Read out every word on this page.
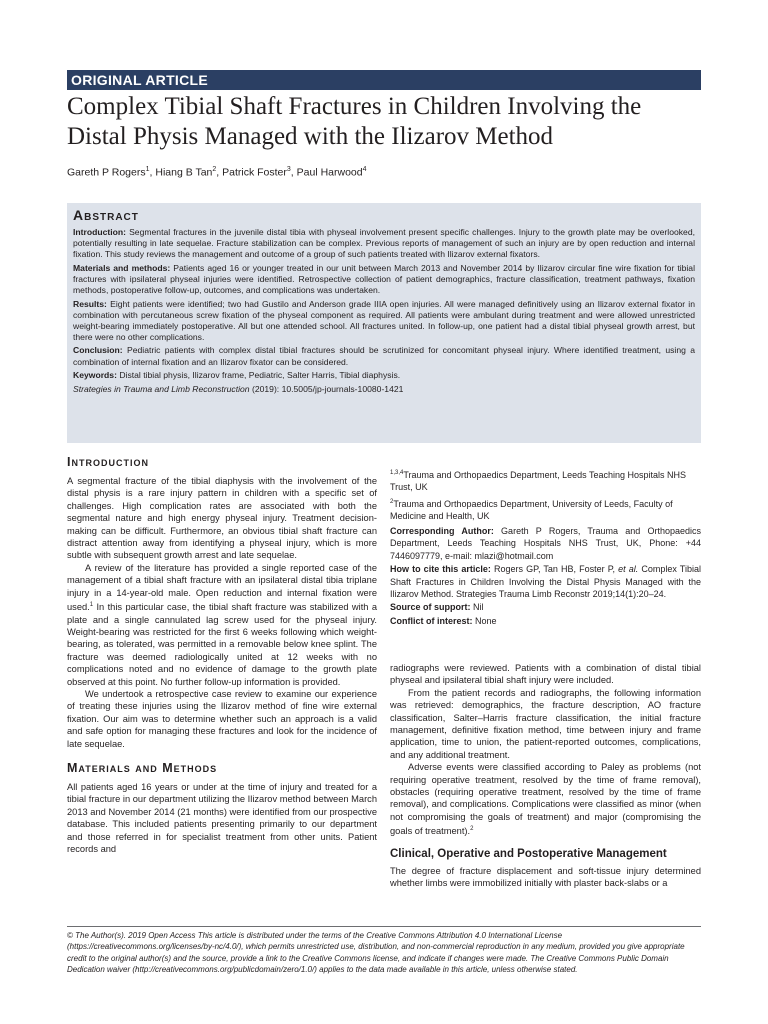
ORIGINAL ARTICLE
Complex Tibial Shaft Fractures in Children Involving the Distal Physis Managed with the Ilizarov Method
Gareth P Rogers$^1$, Hiang B Tan$^2$, Patrick Foster$^3$, Paul Harwood$^4$
Abstract

Introduction: Segmental fractures in the juvenile distal tibia with physeal involvement present specific challenges. Injury to the growth plate may be overlooked, potentially resulting in late sequelae. Fracture stabilization can be complex. Previous reports of management of such an injury are by open reduction and internal fixation. This study reviews the management and outcome of a group of such patients treated with Ilizarov external fixators.

Materials and methods: Patients aged 16 or younger treated in our unit between March 2013 and November 2014 by Ilizarov circular fine wire fixation for tibial fractures with ipsilateral physeal injuries were identified. Retrospective collection of patient demographics, fracture classification, treatment pathways, fixation methods, postoperative follow-up, outcomes, and complications was undertaken.

Results: Eight patients were identified; two had Gustilo and Anderson grade IIIA open injuries. All were managed definitively using an Ilizarov external fixator in combination with percutaneous screw fixation of the physeal component as required. All patients were ambulant during treatment and were allowed unrestricted weight-bearing immediately postoperative. All but one attended school. All fractures united. In follow-up, one patient had a distal tibial physeal growth arrest, but there were no other complications.

Conclusion: Pediatric patients with complex distal tibial fractures should be scrutinized for concomitant physeal injury. Where identified treatment, using a combination of internal fixation and an Ilizarov fixator can be considered.

Keywords: Distal tibial physis, Ilizarov frame, Pediatric, Salter Harris, Tibial diaphysis.

Strategies in Trauma and Limb Reconstruction (2019): 10.5005/jp-journals-10080-1421

Introduction

A segmental fracture of the tibial diaphysis with the involvement of the distal physis is a rare injury pattern in children with a specific set of challenges. High complication rates are associated with both the segmental nature and high energy physeal injury. Treatment decision-making can be difficult. Furthermore, an obvious tibial shaft fracture can distract attention away from identifying a physeal injury, which is more subtle with subsequent growth arrest and late sequelae.

A review of the literature has provided a single reported case of the management of a tibial shaft fracture with an ipsilateral distal tibia triplane injury in a 14-year-old male. Open reduction and internal fixation were used.$^1$ In this particular case, the tibial shaft fracture was stabilized with a plate and a single cannulated lag screw used for the physeal injury. Weight-bearing was restricted for the first 6 weeks following which weight-bearing, as tolerated, was permitted in a removable below knee splint. The fracture was deemed radiologically united at 12 weeks with no complications noted and no evidence of damage to the growth plate observed at this point. No further follow-up information is provided.

We undertook a retrospective case review to examine our experience of treating these injuries using the Ilizarov method of fine wire external fixation. Our aim was to determine whether such an approach is a valid and safe option for managing these fractures and look for the incidence of late sequelae.

Materials and Methods

All patients aged 16 years or under at the time of injury and treated for a tibial fracture in our department utilizing the Ilizarov method between March 2013 and November 2014 (21 months) were identified from our prospective database. This included patients presenting primarily to our department and those referred in for specialist treatment from other units. Patient records and

$^{1,3,4}$Trauma and Orthopaedics Department, Leeds Teaching Hospitals NHS Trust, UK

$^2$Trauma and Orthopaedics Department, University of Leeds, Faculty of Medicine and Health, UK

Corresponding Author: Gareth P Rogers, Trauma and Orthopaedics Department, Leeds Teaching Hospitals NHS Trust, UK, Phone: +44 7446097779, e-mail: mlazi@hotmail.com

How to cite this article: Rogers GP, Tan HB, Foster P, et al. Complex Tibial Shaft Fractures in Children Involving the Distal Physis Managed with the Ilizarov Method. Strategies Trauma Limb Reconstr 2019;14(1):20–24.

Source of support: Nil

Conflict of interest: None

radiographs were reviewed. Patients with a combination of distal tibial physeal and ipsilateral tibial shaft injury were included.

From the patient records and radiographs, the following information was retrieved: demographics, the fracture description, AO fracture classification, Salter–Harris fracture classification, the initial fracture management, definitive fixation method, time between injury and frame application, time to union, the patient-reported outcomes, complications, and any additional treatment.

Adverse events were classified according to Paley as problems (not requiring operative treatment, resolved by the time of frame removal), obstacles (requiring operative treatment, resolved by the time of frame removal), and complications. Complications were classified as minor (when not compromising the goals of treatment) and major (compromising the goals of treatment).$^2$

Clinical, Operative and Postoperative Management

The degree of fracture displacement and soft-tissue injury determined whether limbs were immobilized initially with plaster back-slabs or a

© The Author(s). 2019 Open Access This article is distributed under the terms of the Creative Commons Attribution 4.0 International License (https://creativecommons.org/licenses/by-nc/4.0/), which permits unrestricted use, distribution, and non-commercial reproduction in any medium, provided you give appropriate credit to the original author(s) and the source, provide a link to the Creative Commons license, and indicate if changes were made. The Creative Commons Public Domain Dedication waiver (http://creativecommons.org/publicdomain/zero/1.0/) applies to the data made available in this article, unless otherwise stated.
